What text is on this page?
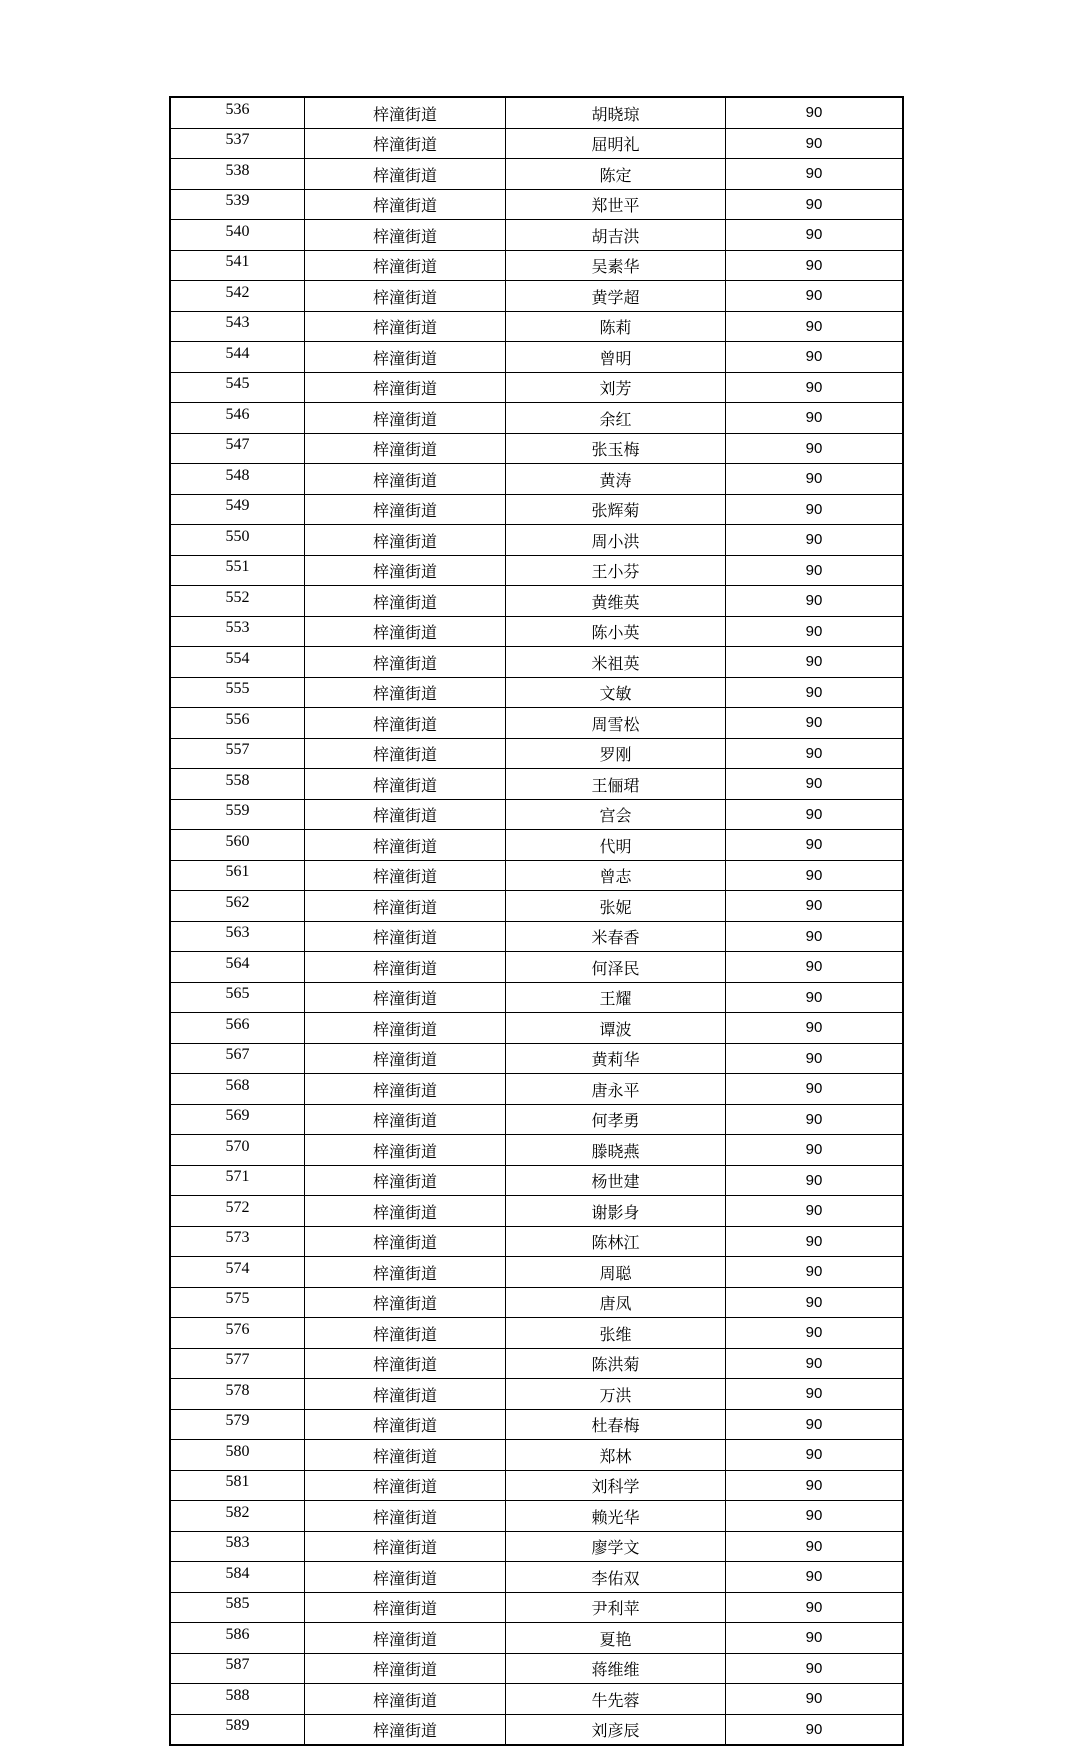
536	梓潼街道	胡晓琼	90
537	梓潼街道	屈明礼	90
538	梓潼街道	陈定	90
539	梓潼街道	郑世平	90
540	梓潼街道	胡吉洪	90
541	梓潼街道	吴素华	90
542	梓潼街道	黄学超	90
543	梓潼街道	陈莉	90
544	梓潼街道	曾明	90
545	梓潼街道	刘芳	90
546	梓潼街道	余红	90
547	梓潼街道	张玉梅	90
548	梓潼街道	黄涛	90
549	梓潼街道	张辉菊	90
550	梓潼街道	周小洪	90
551	梓潼街道	王小芬	90
552	梓潼街道	黄维英	90
553	梓潼街道	陈小英	90
554	梓潼街道	米祖英	90
555	梓潼街道	文敏	90
556	梓潼街道	周雪松	90
557	梓潼街道	罗刚	90
558	梓潼街道	王俪珺	90
559	梓潼街道	宫会	90
560	梓潼街道	代明	90
561	梓潼街道	曾志	90
562	梓潼街道	张妮	90
563	梓潼街道	米春香	90
564	梓潼街道	何泽民	90
565	梓潼街道	王耀	90
566	梓潼街道	谭波	90
567	梓潼街道	黄莉华	90
568	梓潼街道	唐永平	90
569	梓潼街道	何孝勇	90
570	梓潼街道	滕晓燕	90
571	梓潼街道	杨世建	90
572	梓潼街道	谢影身	90
573	梓潼街道	陈林江	90
574	梓潼街道	周聪	90
575	梓潼街道	唐凤	90
576	梓潼街道	张维	90
577	梓潼街道	陈洪菊	90
578	梓潼街道	万洪	90
579	梓潼街道	杜春梅	90
580	梓潼街道	郑林	90
581	梓潼街道	刘科学	90
582	梓潼街道	赖光华	90
583	梓潼街道	廖学文	90
584	梓潼街道	李佑双	90
585	梓潼街道	尹利苹	90
586	梓潼街道	夏艳	90
587	梓潼街道	蒋维维	90
588	梓潼街道	牛先蓉	90
589	梓潼街道	刘彦辰	90
